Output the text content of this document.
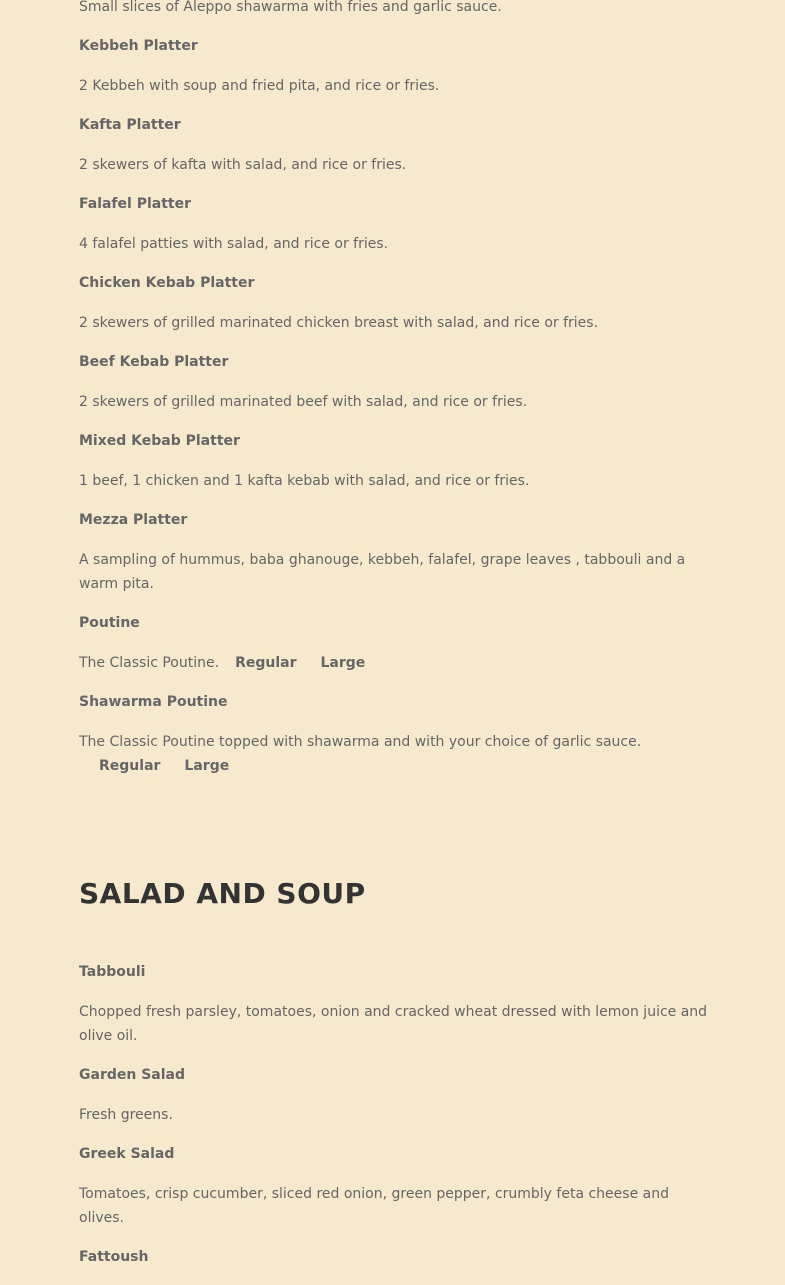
Small slices of Aleppo shawarma with fries and garlic sauce.
Kebbeh Platter
2 Kebbeh with soup and fried pita, and rice or fries.
Kafta Platter
2 skewers of kafta with salad, and rice or fries.
Falafel Platter
4 falafel patties with salad, and rice or fries.
Chicken Kebab Platter
2 skewers of grilled marinated chicken breast with salad, and rice or fries.
Beef Kebab Platter
2 skewers of grilled marinated beef with salad, and rice or fries.
Mixed Kebab Platter
1 beef, 1 chicken and 1 kafta kebab with salad, and rice or fries.
Mezza Platter
A sampling of hummus, baba ghanouge, kebbeh, falafel, grape leaves , tabbouli and a warm pita.
Poutine
The Classic Poutine. Regular Large
Shawarma Poutine
The Classic Poutine topped with shawarma and with your choice of garlic sauce.
Regular Large
SALAD AND SOUP
Tabbouli
Chopped fresh parsley, tomatoes, onion and cracked wheat dressed with lemon juice and olive oil.
Garden Salad
Fresh greens.
Greek Salad
Tomatoes, crisp cucumber, sliced red onion, green pepper, crumbly feta cheese and olives.
Fattoush
